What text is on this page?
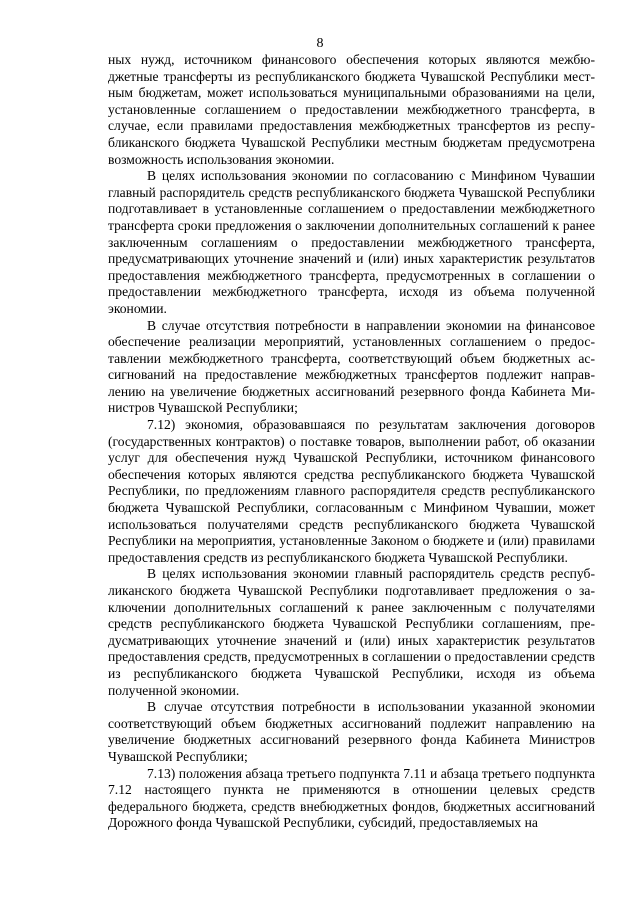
8

ных нужд, источником финансового обеспечения которых являются межбюджетные трансферты из республиканского бюджета Чувашской Республики местным бюджетам, может использоваться муниципальными образованиями на цели, установленные соглашением о предоставлении межбюджетного трансферта, в случае, если правилами предоставления межбюджетных трансфертов из республиканского бюджета Чувашской Республики местным бюджетам предусмотрена возможность использования экономии.

В целях использования экономии по согласованию с Минфином Чувашии главный распорядитель средств республиканского бюджета Чувашской Республики подготавливает в установленные соглашением о предоставлении межбюджетного трансферта сроки предложения о заключении дополнительных соглашений к ранее заключенным соглашениям о предоставлении межбюджетного трансферта, предусматривающих уточнение значений и (или) иных характеристик результатов предоставления межбюджетного трансферта, предусмотренных в соглашении о предоставлении межбюджетного трансферта, исходя из объема полученной экономии.

В случае отсутствия потребности в направлении экономии на финансовое обеспечение реализации мероприятий, установленных соглашением о предоставлении межбюджетного трансферта, соответствующий объем бюджетных ассигнований на предоставление межбюджетных трансфертов подлежит направлению на увеличение бюджетных ассигнований резервного фонда Кабинета Министров Чувашской Республики;

7.12) экономия, образовавшаяся по результатам заключения договоров (государственных контрактов) о поставке товаров, выполнении работ, об оказании услуг для обеспечения нужд Чувашской Республики, источником финансового обеспечения которых являются средства республиканского бюджета Чувашской Республики, по предложениям главного распорядителя средств республиканского бюджета Чувашской Республики, согласованным с Минфином Чувашии, может использоваться получателями средств республиканского бюджета Чувашской Республики на мероприятия, установленные Законом о бюджете и (или) правилами предоставления средств из республиканского бюджета Чувашской Республики.

В целях использования экономии главный распорядитель средств республиканского бюджета Чувашской Республики подготавливает предложения о заключении дополнительных соглашений к ранее заключенным с получателями средств республиканского бюджета Чувашской Республики соглашениям, предусматривающих уточнение значений и (или) иных характеристик результатов предоставления средств, предусмотренных в соглашении о предоставлении средств из республиканского бюджета Чувашской Республики, исходя из объема полученной экономии.

В случае отсутствия потребности в использовании указанной экономии соответствующий объем бюджетных ассигнований подлежит направлению на увеличение бюджетных ассигнований резервного фонда Кабинета Министров Чувашской Республики;

7.13) положения абзаца третьего подпункта 7.11 и абзаца третьего подпункта 7.12 настоящего пункта не применяются в отношении целевых средств федерального бюджета, средств внебюджетных фондов, бюджетных ассигнований Дорожного фонда Чувашской Республики, субсидий, предоставляемых на
